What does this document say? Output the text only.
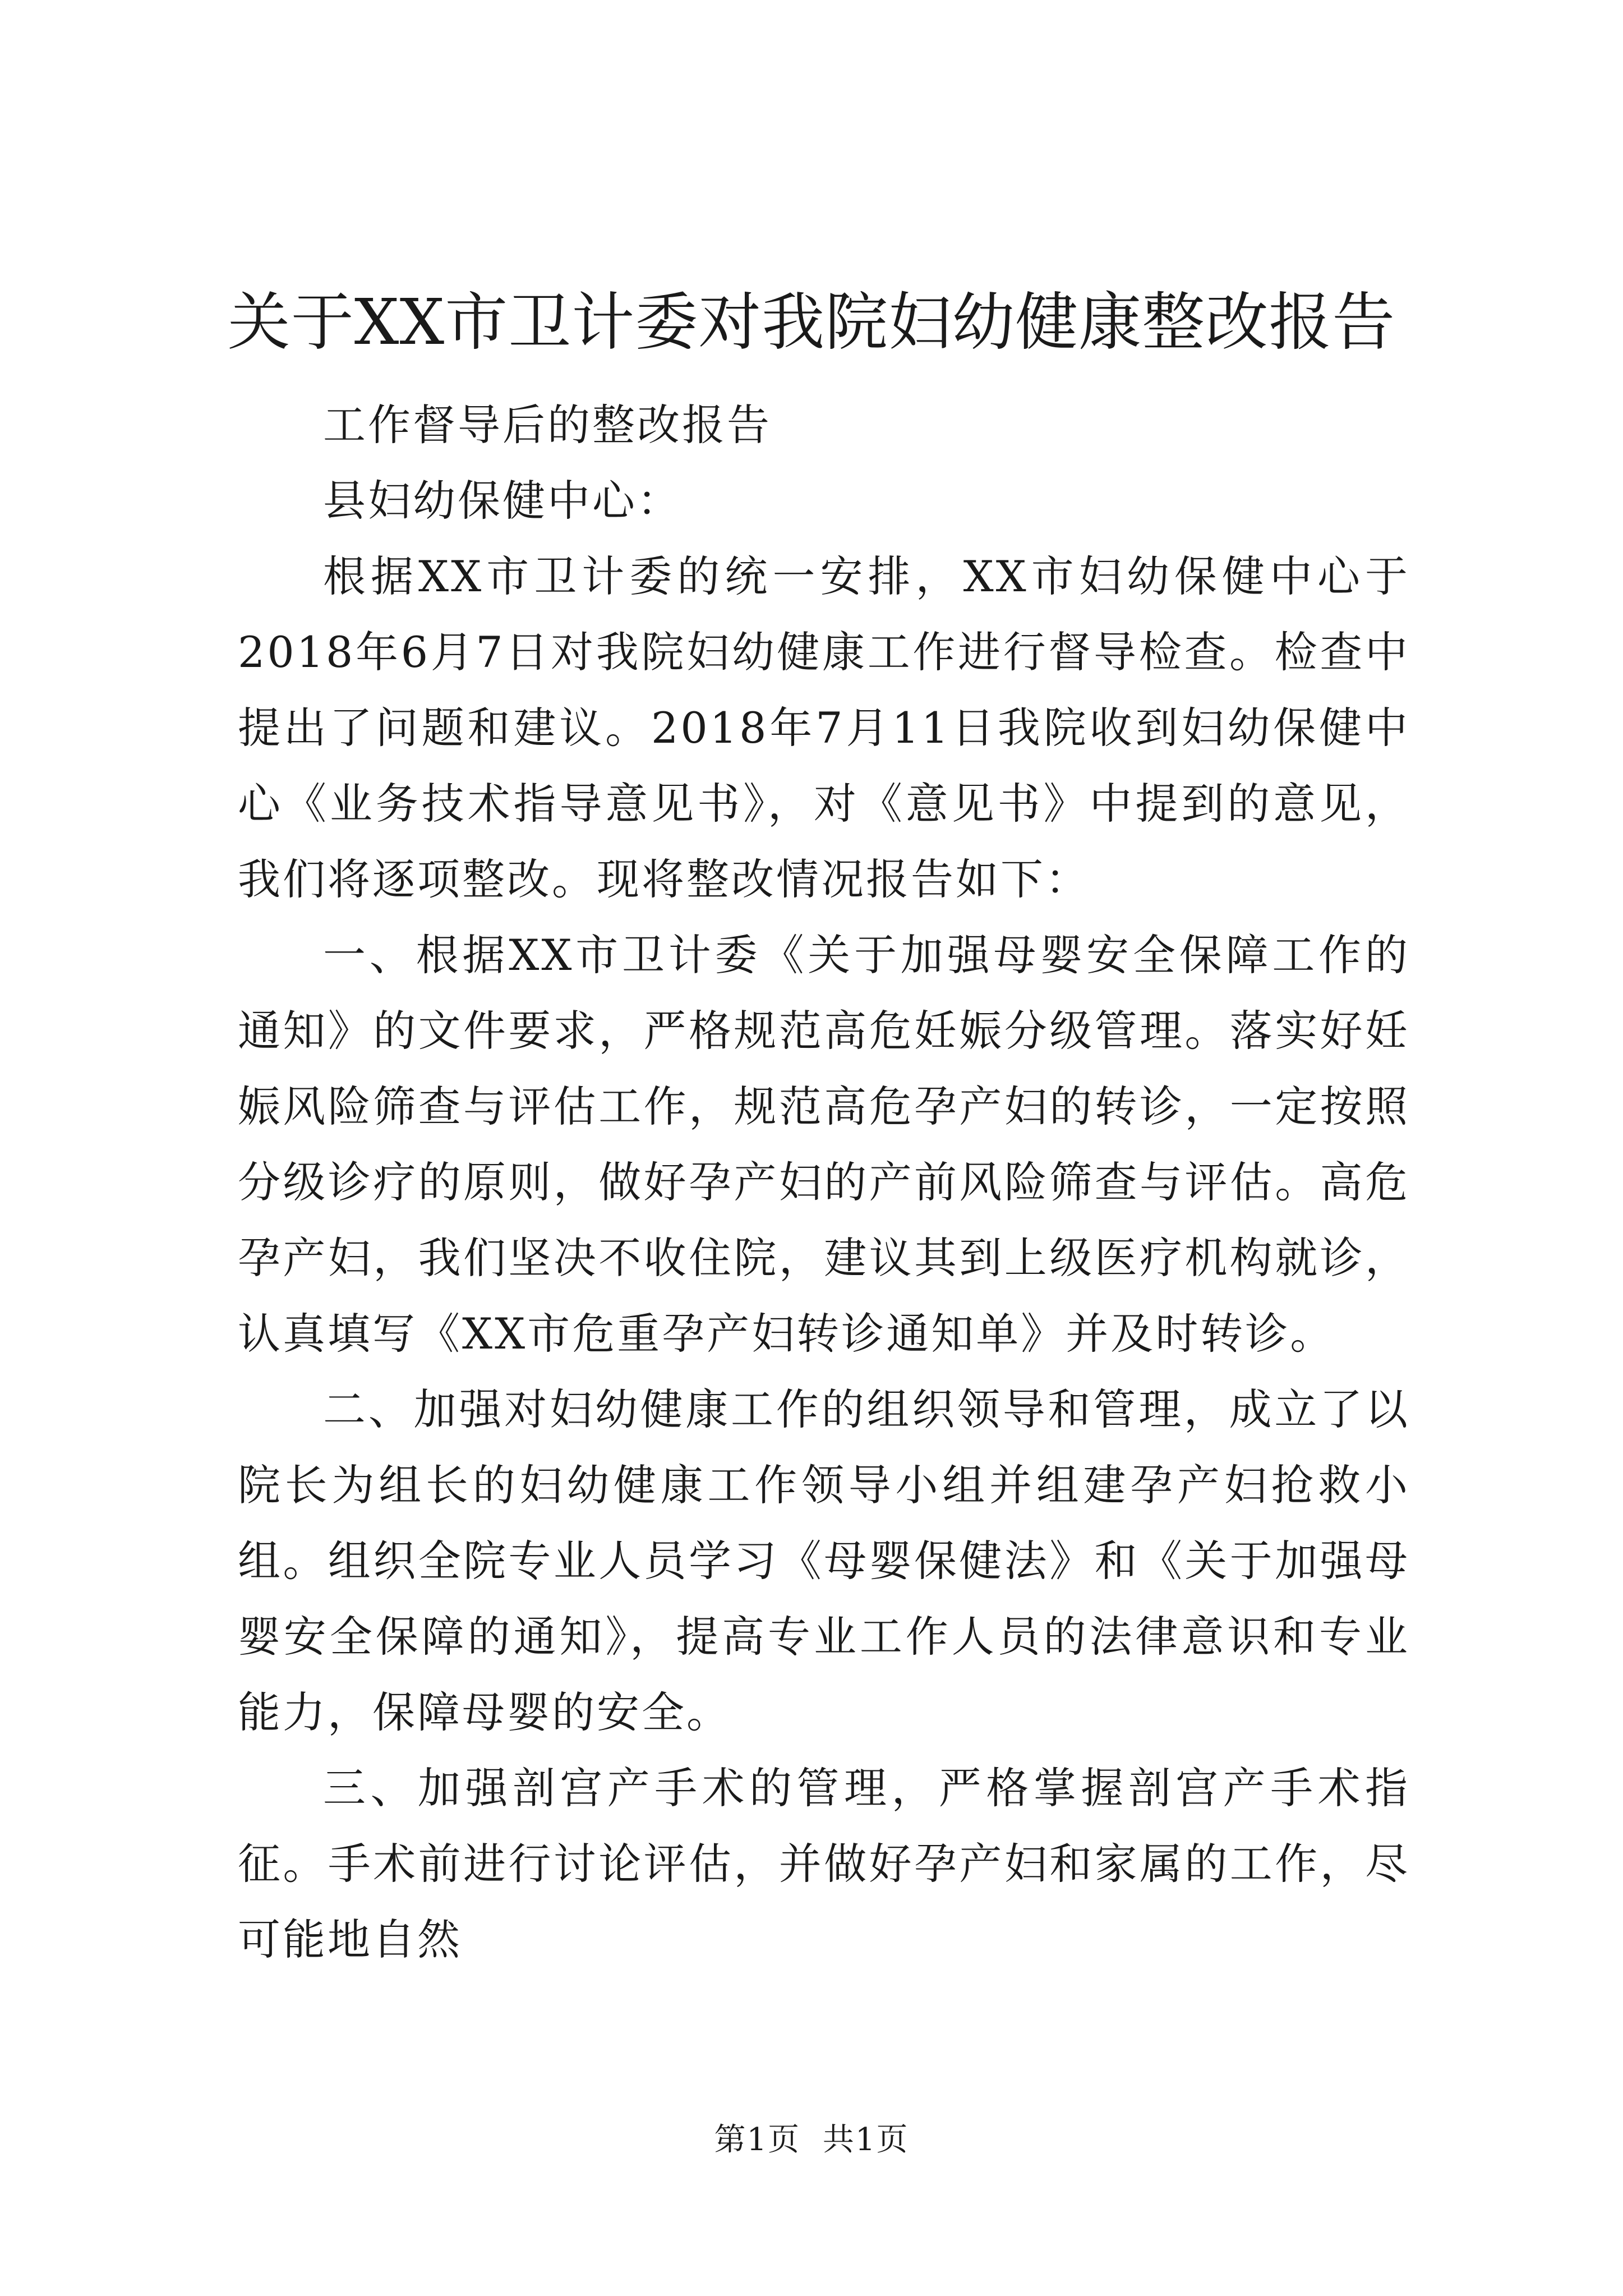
关于XX市卫计委对我院妇幼健康整改报告

工作督导后的整改报告

县妇幼保健中心：

根据XX市卫计委的统一安排，XX市妇幼保健中心于2018年6月7日对我院妇幼健康工作进行督导检查。检查中提出了问题和建议。2018年7月11日我院收到妇幼保健中心《业务技术指导意见书》，对《意见书》中提到的意见，我们将逐项整改。现将整改情况报告如下：

一、根据XX市卫计委《关于加强母婴安全保障工作的通知》的文件要求，严格规范高危妊娠分级管理。落实好妊娠风险筛查与评估工作，规范高危孕产妇的转诊，一定按照分级诊疗的原则，做好孕产妇的产前风险筛查与评估。高危孕产妇，我们坚决不收住院，建议其到上级医疗机构就诊，认真填写《XX市危重孕产妇转诊通知单》并及时转诊。

二、加强对妇幼健康工作的组织领导和管理，成立了以院长为组长的妇幼健康工作领导小组并组建孕产妇抢救小组。组织全院专业人员学习《母婴保健法》和《关于加强母婴安全保障的通知》，提高专业工作人员的法律意识和专业能力，保障母婴的安全。

三、加强剖宫产手术的管理，严格掌握剖宫产手术指征。手术前进行讨论评估，并做好孕产妇和家属的工作，尽可能地自然

第1页 共1页
